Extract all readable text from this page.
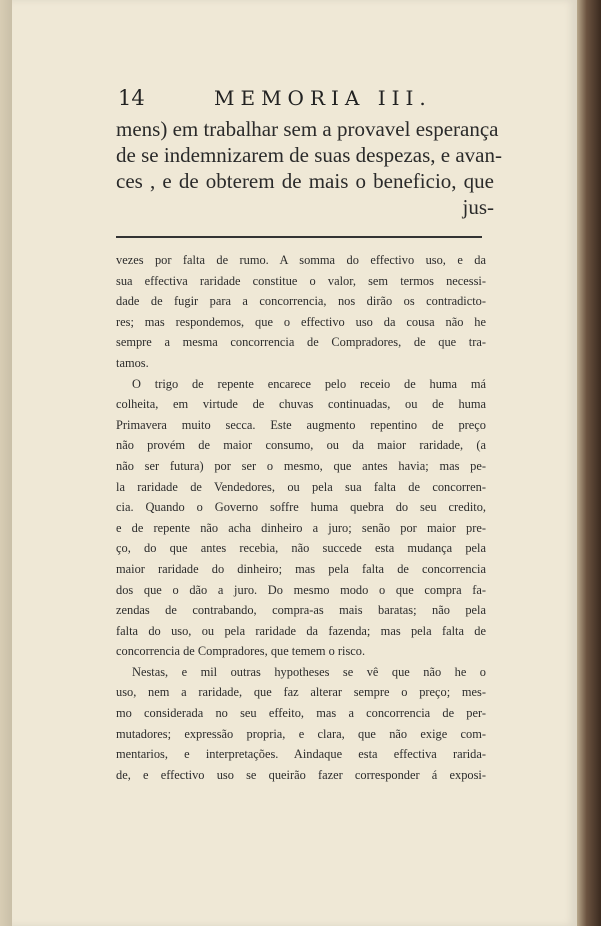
14	MEMORIA III.
mens) em trabalhar sem a provavel esperança
de se indemnizarem de suas despezas, e avan-
ces , e de obterem de mais o beneficio, que
jus-
vezes por falta de rumo. A somma do effectivo uso, e da
sua effectiva raridade constitue o valor, sem termos necessi-
dade de fugir para a concorrencia, nos dirão os contradicto-
res; mas respondemos, que o effectivo uso da cousa não he
sempre a mesma concorrencia de Compradores, de que tra-
tamos.
O trigo de repente encarece pelo receio de huma má
colheita, em virtude de chuvas continuadas, ou de huma
Primavera muito secca. Este augmento repentino de preço
não provém de maior consumo, ou da maior raridade, (a
não ser futura) por ser o mesmo, que antes havia; mas pe-
la raridade de Vendedores, ou pela sua falta de concorren-
cia. Quando o Governo soffre huma quebra do seu credito,
e de repente não acha dinheiro a juro; senão por maior pre-
ço, do que antes recebia, não succede esta mudança pela
maior raridade do dinheiro; mas pela falta de concorrencia
dos que o dão a juro. Do mesmo modo o que compra fa-
zendas de contrabando, compra-as mais baratas; não pela
falta do uso, ou pela raridade da fazenda; mas pela falta de
concorrencia de Compradores, que temem o risco.
Nestas, e mil outras hypotheses se vê que não he o
uso, nem a raridade, que faz alterar sempre o preço; mes-
mo considerada no seu effeito, mas a concorrencia de per-
mutadores; expressão propria, e clara, que não exige com-
mentarios, e interpretações. Aindaque esta effectiva rarida-
de, e effectivo uso se queirão fazer corresponder á exposi-
